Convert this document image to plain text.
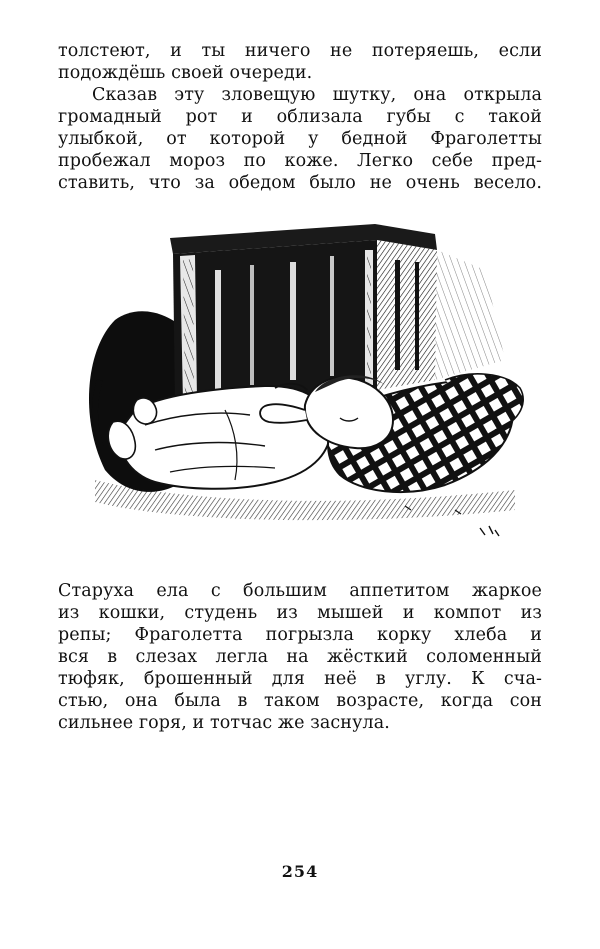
толстеют, и ты ничего не потеряешь, если
подождёшь своей очереди.
Сказав эту зловещую шутку, она открыла
громадный рот и облизала губы с такой
улыбкой, от которой у бедной Фраголетты
пробежал мороз по коже. Легко себе пред-
ставить, что за обедом было не очень весело.
Старуха ела с большим аппетитом жаркое
из кошки, студень из мышей и компот из
репы; Фраголетта погрызла корку хлеба и
вся в слезах легла на жёсткий соломенный
тюфяк, брошенный для неё в углу. К сча-
стью, она была в таком возрасте, когда сон
сильнее горя, и тотчас же заснула.
254
